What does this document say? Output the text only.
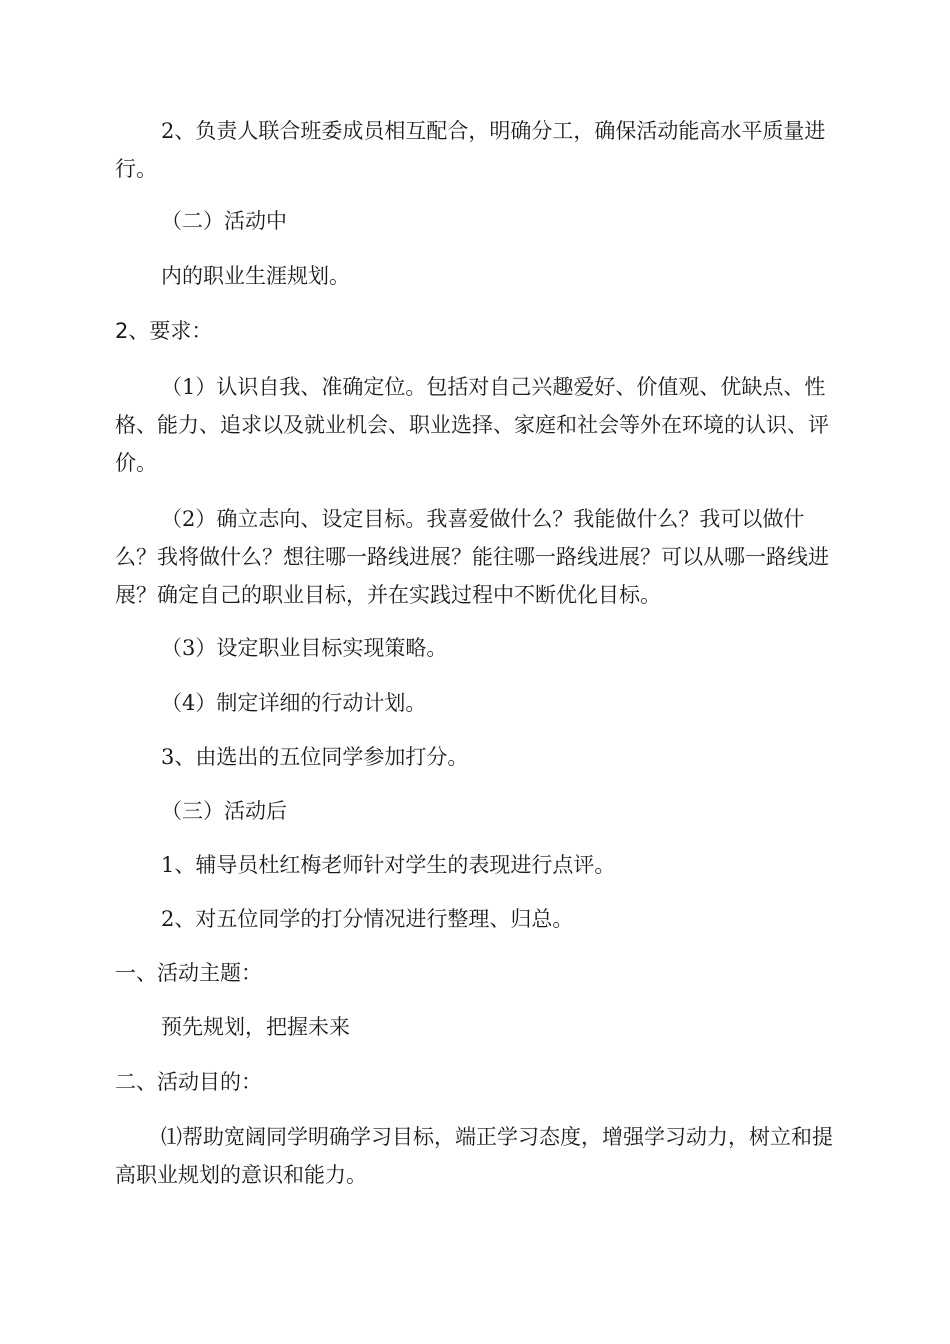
2、负责人联合班委成员相互配合，明确分工，确保活动能高水平质量进行。

（二）活动中

内的职业生涯规划。

2、要求：

（1）认识自我、准确定位。包括对自己兴趣爱好、价值观、优缺点、性格、能力、追求以及就业机会、职业选择、家庭和社会等外在环境的认识、评价。

（2）确立志向、设定目标。我喜爱做什么？我能做什么？我可以做什么？我将做什么？想往哪一路线进展？能往哪一路线进展？可以从哪一路线进展？确定自己的职业目标，并在实践过程中不断优化目标。

（3）设定职业目标实现策略。

（4）制定详细的行动计划。

3、由选出的五位同学参加打分。

（三）活动后

1、辅导员杜红梅老师针对学生的表现进行点评。

2、对五位同学的打分情况进行整理、归总。

一、活动主题：

预先规划，把握未来

二、活动目的：

⑴帮助宽阔同学明确学习目标，端正学习态度，增强学习动力，树立和提高职业规划的意识和能力。
